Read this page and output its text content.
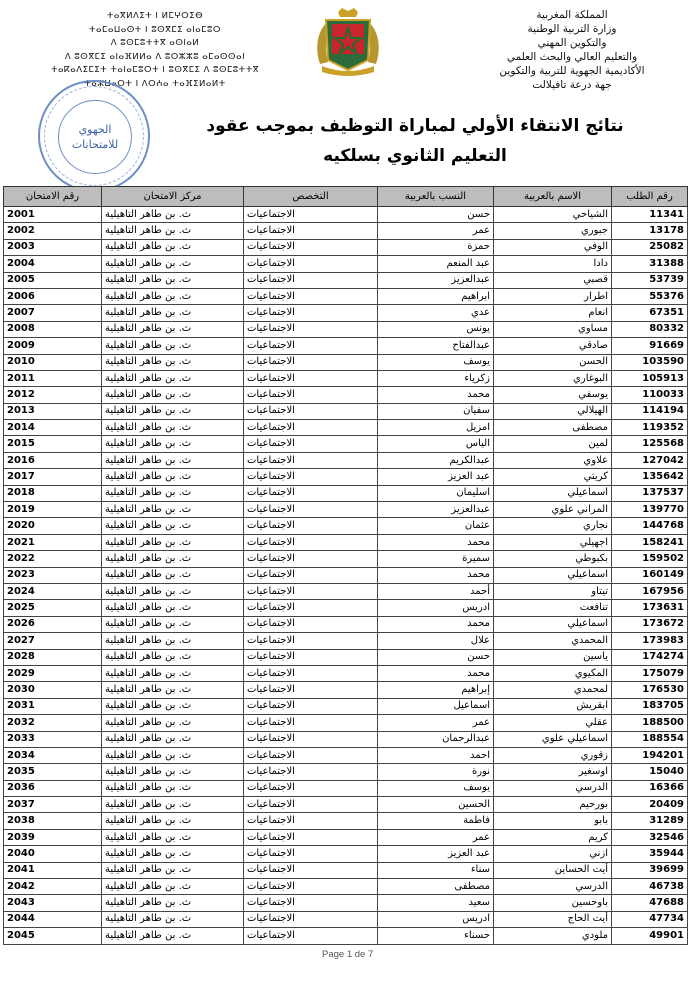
ⵜⴰⴳⵍⴷⵉⵜ ⵏ ⵍⵎⵖⵔⵉⴱ
ⵜⴰⵎⴰⵡⴰⵙⵜ ⵏ ⵓⵙⴳⵎⵉ ⴰⵏⴰⵎⵓⵔ
ⴷ ⵓⵙⵎⵓⵜⵜⴳ ⴰⵙⵏⴰⵍ
ⴷ ⵓⵙⴳⵎⵉ ⴰⵏⴰⴼⵍⵍⴰ ⴷ ⵓⵔⵣⵣⵓ ⴰⵎⴰⵙⵙⴰⵏ
ⵜⴰⴽⴰⴷⵉⵎⵉⵜ ⵜⴰⵏⴰⵎⵓⵔⵜ ⵏ ⵓⵙⴳⵎⵉ ⴷ ⵓⵙⵎⵓⵜⵜⴳ
ⵜⴰⵣⵡⴰⵔⵜ ⵏ ⴷⵔⵄⴰ ⵜⴰⴼⵉⵍⴰⵍⵜ
المملكة المغربية
وزارة التربية الوطنية
والتكوين المهني
والتعليم العالي والبحث العلمي
الأكاديمية الجهوية للتربية والتكوين
جهة درعة تافيلالت
الجهوي
للامتحانات
نتائج الانتقاء الأولي لمباراة التوظيف بموجب عقود
التعليم الثانوي بسلكيه
رقم الطلب	الاسم بالعربية	النسب بالعربية	التخصص	مركز الامتحان	رقم الامتحان
11341	الشياحي	حسن	الاجتماعيات	ث. بن طاهر التاهيلية	2001
13178	جبوري	عمر	الاجتماعيات	ث. بن طاهر التاهيلية	2002
25082	الوفي	حمزة	الاجتماعيات	ث. بن طاهر التاهيلية	2003
31388	دادا	عبد المنعم	الاجتماعيات	ث. بن طاهر التاهيلية	2004
53739	قصبي	عبدالعزيز	الاجتماعيات	ث. بن طاهر التاهيلية	2005
55376	اطرار	ابراهيم	الاجتماعيات	ث. بن طاهر التاهيلية	2006
67351	انعام	عدي	الاجتماعيات	ث. بن طاهر التاهيلية	2007
80332	مساوي	يونس	الاجتماعيات	ث. بن طاهر التاهيلية	2008
91669	صادقي	عبدالفتاح	الاجتماعيات	ث. بن طاهر التاهيلية	2009
103590	الحسن	يوسف	الاجتماعيات	ث. بن طاهر التاهيلية	2010
105913	البوغاري	زكرياء	الاجتماعيات	ث. بن طاهر التاهيلية	2011
110033	يوسفي	محمد	الاجتماعيات	ث. بن طاهر التاهيلية	2012
114194	الهيلالي	سفيان	الاجتماعيات	ث. بن طاهر التاهيلية	2013
119352	مصطفى	امزيل	الاجتماعيات	ث. بن طاهر التاهيلية	2014
125568	لمين	الياس	الاجتماعيات	ث. بن طاهر التاهيلية	2015
127042	علاوي	عبدالكريم	الاجتماعيات	ث. بن طاهر التاهيلية	2016
135642	كريتي	عبد العزيز	الاجتماعيات	ث. بن طاهر التاهيلية	2017
137537	اسماعيلي	اسليمان	الاجتماعيات	ث. بن طاهر التاهيلية	2018
139770	المراني علوي	عبدالعزيز	الاجتماعيات	ث. بن طاهر التاهيلية	2019
144768	نجاري	عثمان	الاجتماعيات	ث. بن طاهر التاهيلية	2020
158241	اجهيلي	محمد	الاجتماعيات	ث. بن طاهر التاهيلية	2021
159502	بكبوطي	سميرة	الاجتماعيات	ث. بن طاهر التاهيلية	2022
160149	اسماعيلي	محمد	الاجتماعيات	ث. بن طاهر التاهيلية	2023
167956	تيتاو	أحمد	الاجتماعيات	ث. بن طاهر التاهيلية	2024
173631	تنافعت	ادريس	الاجتماعيات	ث. بن طاهر التاهيلية	2025
173672	اسماعيلي	محمد	الاجتماعيات	ث. بن طاهر التاهيلية	2026
173983	المحمدي	علال	الاجتماعيات	ث. بن طاهر التاهيلية	2027
174274	ياسين	حسن	الاجتماعيات	ث. بن طاهر التاهيلية	2028
175079	المكيوي	محمد	الاجتماعيات	ث. بن طاهر التاهيلية	2029
176530	لمحمدي	إبراهيم	الاجتماعيات	ث. بن طاهر التاهيلية	2030
183705	ابقريش	اسماعيل	الاجتماعيات	ث. بن طاهر التاهيلية	2031
188500	عقلي	عمر	الاجتماعيات	ث. بن طاهر التاهيلية	2032
188554	اسماعيلي علوي	عبدالرحمان	الاجتماعيات	ث. بن طاهر التاهيلية	2033
194201	زقوري	احمد	الاجتماعيات	ث. بن طاهر التاهيلية	2034
15040	اوسغير	نورة	الاجتماعيات	ث. بن طاهر التاهيلية	2035
16366	الدرسي	يوسف	الاجتماعيات	ث. بن طاهر التاهيلية	2036
20409	بورحيم	الحسين	الاجتماعيات	ث. بن طاهر التاهيلية	2037
31289	بابو	فاطمة	الاجتماعيات	ث. بن طاهر التاهيلية	2038
32546	كريم	عمر	الاجتماعيات	ث. بن طاهر التاهيلية	2039
35944	ازني	عبد العزيز	الاجتماعيات	ث. بن طاهر التاهيلية	2040
39699	أيت الحساين	سناء	الاجتماعيات	ث. بن طاهر التاهيلية	2041
46738	الدرسي	مصطفى	الاجتماعيات	ث. بن طاهر التاهيلية	2042
47688	باوحسين	سعيد	الاجتماعيات	ث. بن طاهر التاهيلية	2043
47734	أيت الحاج	ادريس	الاجتماعيات	ث. بن طاهر التاهيلية	2044
49901	ملودي	حسناء	الاجتماعيات	ث. بن طاهر التاهيلية	2045
Page 1 de 7
